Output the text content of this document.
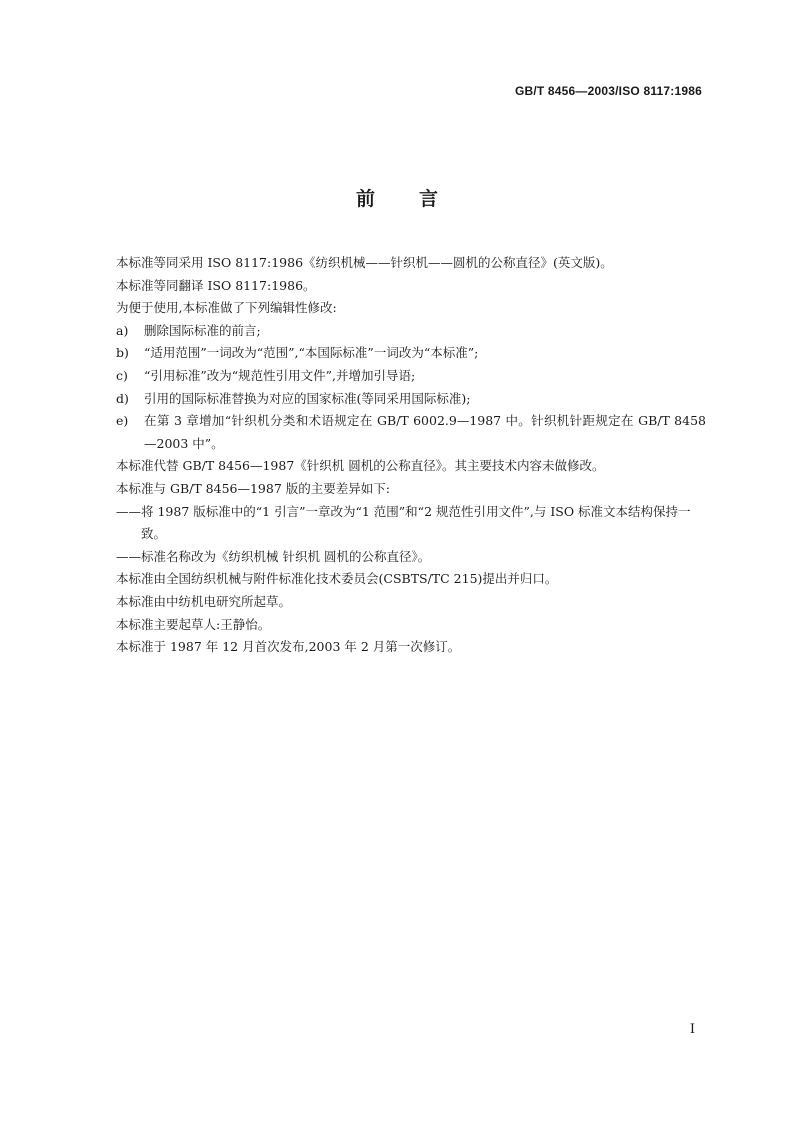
GB/T 8456—2003/ISO 8117:1986
前言
本标准等同采用 ISO 8117:1986《纺织机械——针织机——圆机的公称直径》(英文版)。
本标准等同翻译 ISO 8117:1986。
为便于使用,本标准做了下列编辑性修改:
a)	删除国际标准的前言;
b)	“适用范围”一词改为“范围”,“本国际标准”一词改为“本标准”;
c)	“引用标准”改为“规范性引用文件”,并增加引导语;
d)	引用的国际标准替换为对应的国家标准(等同采用国际标准);
e)	在第 3 章增加“针织机分类和术语规定在 GB/T 6002.9—1987 中。针织机针距规定在 GB/T 8458—2003 中”。
本标准代替 GB/T 8456—1987《针织机 圆机的公称直径》。其主要技术内容未做修改。
本标准与 GB/T 8456—1987 版的主要差异如下:
—— 将 1987 版标准中的“1 引言”一章改为“1 范围”和“2 规范性引用文件”,与 ISO 标准文本结构保持一致。
—— 标准名称改为《纺织机械 针织机 圆机的公称直径》。
本标准由全国纺织机械与附件标准化技术委员会(CSBTS/TC 215)提出并归口。
本标准由中纺机电研究所起草。
本标准主要起草人:王静怡。
本标准于 1987 年 12 月首次发布,2003 年 2 月第一次修订。
I
